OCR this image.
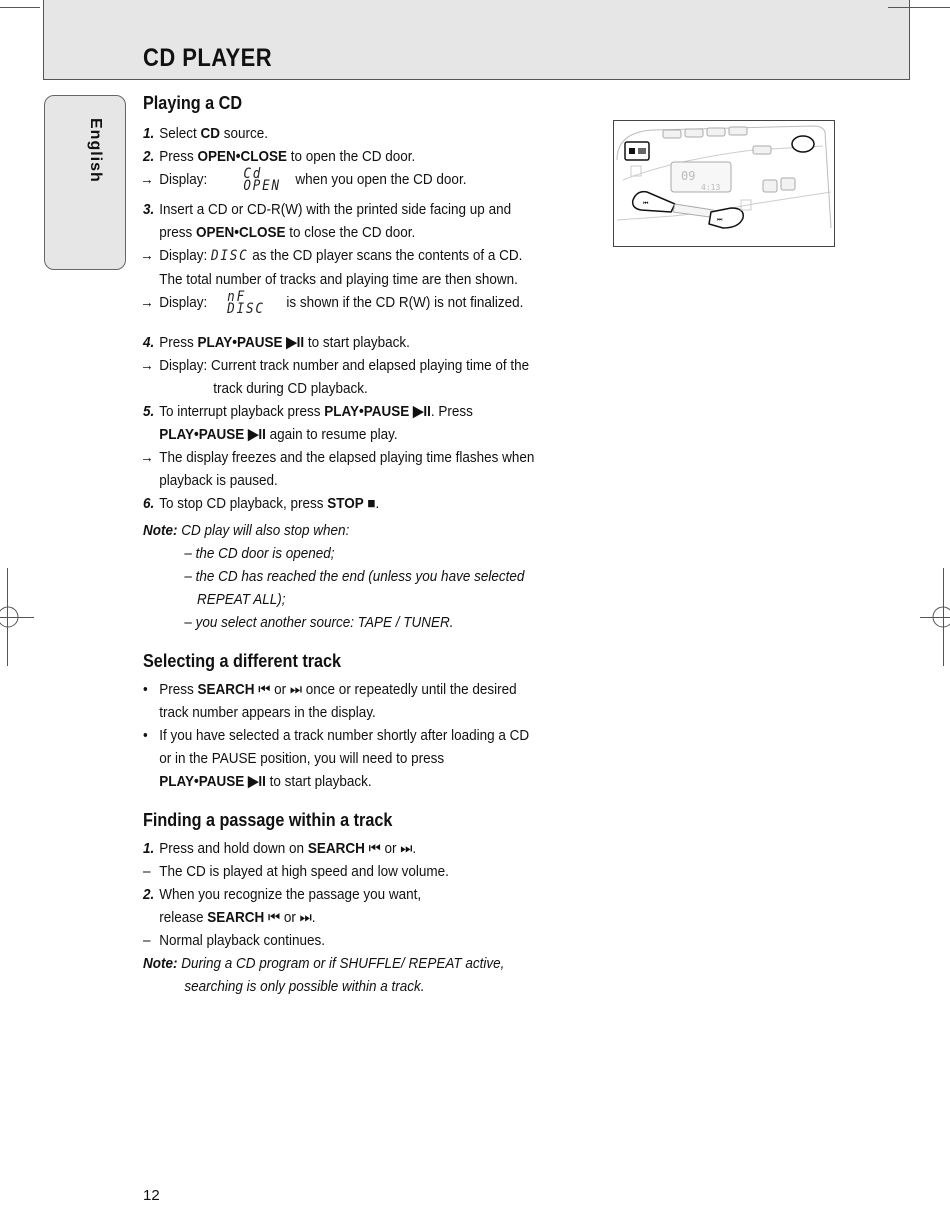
CD PLAYER
English
Playing a CD
1. Select CD source.
2. Press OPEN•CLOSE to open the CD door.
→ Display:	Cd
OPEN when you open the CD door.
3. Insert a CD or CD-R(W) with the printed side facing up and
press OPEN•CLOSE to close the CD door.
→ Display: DISC as the CD player scans the contents of a CD.
The total number of tracks and playing time are then shown.
→ Display: nF
DISC is shown if the CD R(W) is not finalized.
4. Press PLAY•PAUSE ▶II to start playback.
→ Display: Current track number and elapsed playing time of the
track during CD playback.
5. To interrupt playback press PLAY•PAUSE ▶II. Press
PLAY•PAUSE ▶II again to resume play.
→ The display freezes and the elapsed playing time flashes when
playback is paused.
6. To stop CD playback, press STOP ■.
Note: CD play will also stop when:
– the CD door is opened;
– the CD has reached the end (unless you have selected
REPEAT ALL);
– you select another source: TAPE / TUNER.
Selecting a different track
• Press SEARCH ⏮ or ⏭ once or repeatedly until the desired
track number appears in the display.
• If you have selected a track number shortly after loading a CD
or in the PAUSE position, you will need to press
PLAY•PAUSE ▶II to start playback.
Finding a passage within a track
1. Press and hold down on SEARCH ⏮ or ⏭.
– The CD is played at high speed and low volume.
2. When you recognize the passage you want,
release SEARCH ⏮ or ⏭.
– Normal playback continues.
Note: During a CD program or if SHUFFLE/ REPEAT active,
searching is only possible within a track.
09
4:13
⏮
⏭
12
